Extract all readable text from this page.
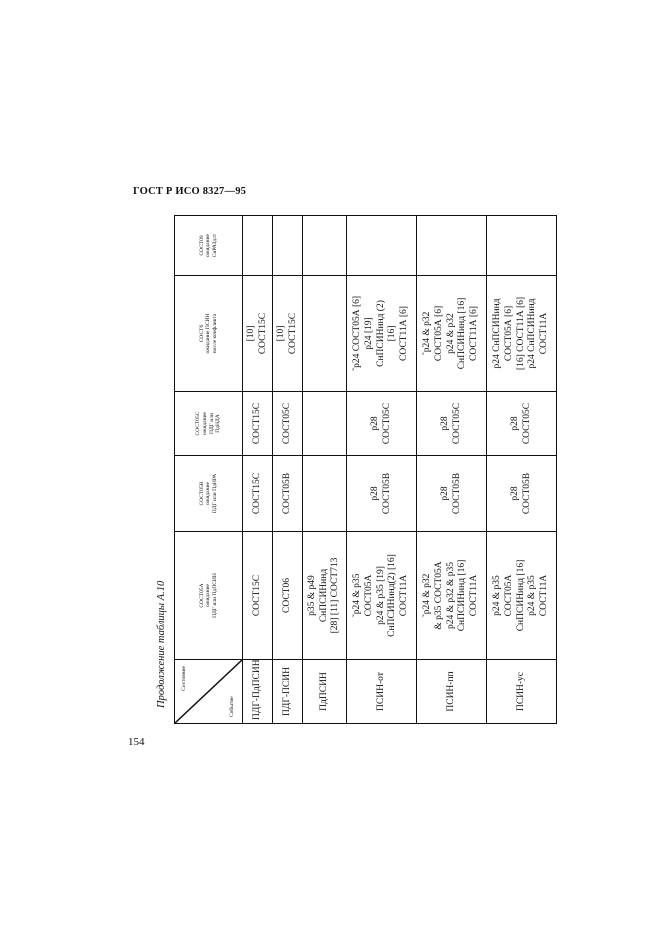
ГОСТ Р ИСО 8327—95
Продолжение таблицы А.10
154
Состояние
Событие	СОСТ05А ожидание ПДГ или ПдПСИН	СОСТ05В ожидание ПДГ или ПдНРА	СОСТ05С ожидание ПДГ или ПдНДА	СОСТ6 ожидание ПСИН после конфликта	СОСТ09 ожидание СнРАЗдлт

ПДГ-ПдПСИН	СОСТ15С	СОСТ15С	СОСТ15С	[10] СОСТ15С	

ПДГ-ПСИН	СОСТ06	СОСТ05В	СОСТ05С	[10] СОСТ15С	

ПдПСИН	р35 & р49 СнПСИНинд [28] [11] СОСТ713				

ПСИН-от	˜р24 & р35 СОСТ05А р24 & р35 [19] СнПСИНинд(2) [16] СОСТ11А	р28 СОСТ05В	р28 СОСТ05С	˜р24 СОСТ05А [6] р24 [19] СнПСИНинд (2) [16] СОСТ11А [6]	

ПСИН-пп	˜р24 & р32 & р35 СОСТ05А р24 & р32 & р35 СнПСИНинд [16] СОСТ11А	р28 СОСТ05В	р28 СОСТ05С	˜р24 & р32 СОСТ05А [6] р24 & р32 СнПСИНинд [16] СОСТ11А [6]	

ПСИН-ус	р24 & р35 СОСТ05А СнПСИНинд [16] р24 & р35 СОСТ11А	р28 СОСТ05В	р28 СОСТ05С	р24 СнПСИНинд СОСТ05А [6] [16] СОСТ11А [6] р24 СнПСИНинд СОСТ11А	
